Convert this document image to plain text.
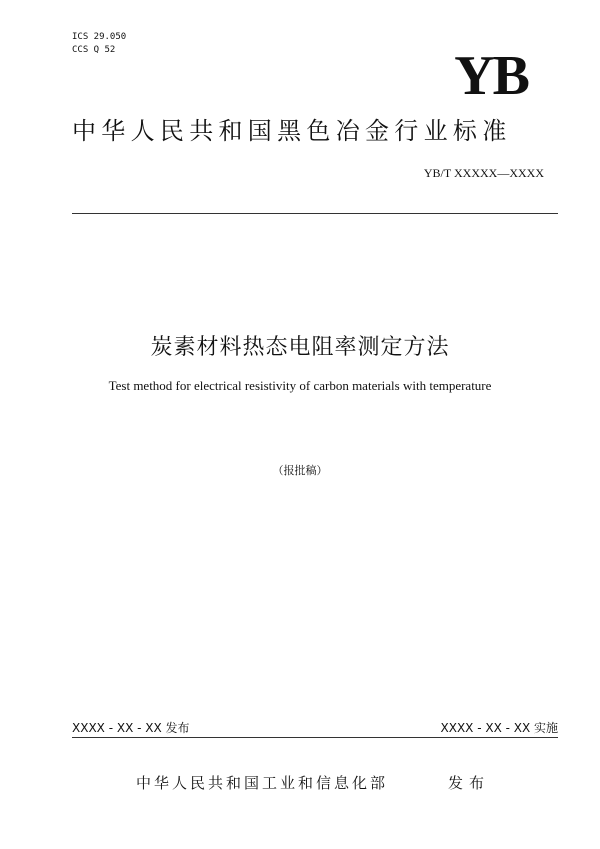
ICS 29.050
CCS Q 52	YB
中华人民共和国黑色冶金行业标准
YB/T XXXXX—XXXX
炭素材料热态电阻率测定方法
Test method for electrical resistivity of carbon materials with temperature
（报批稿）
XXXX - XX - XX 发布	XXXX - XX - XX 实施
中华人民共和国工业和信息化部	发布
